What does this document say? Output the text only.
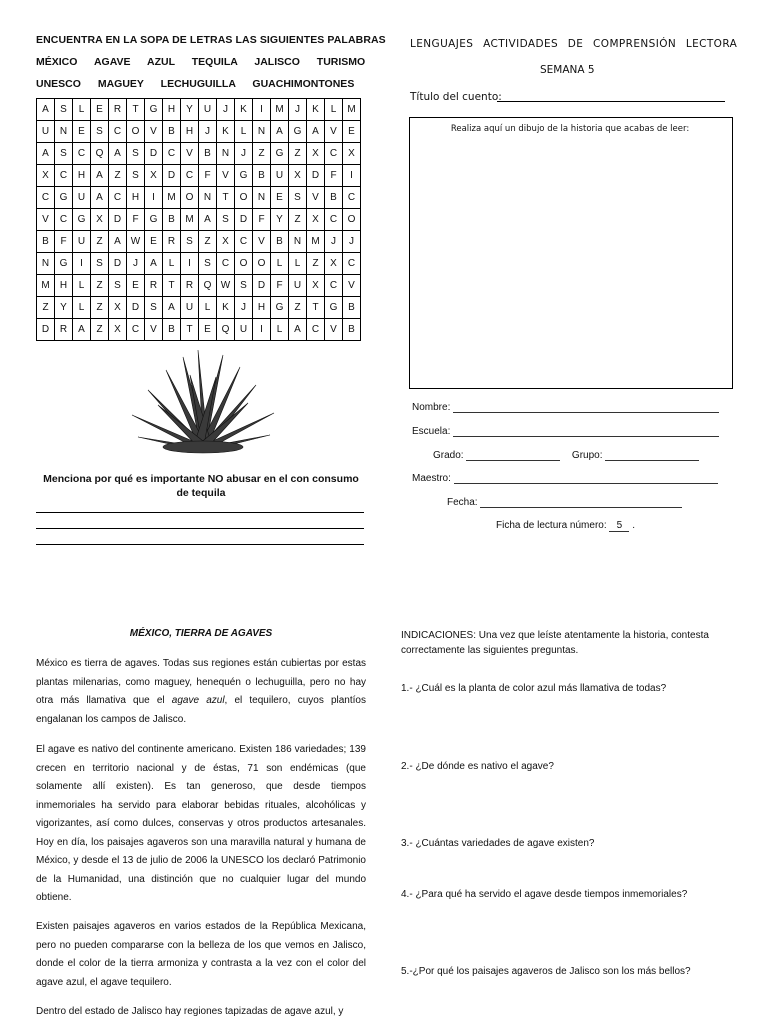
ENCUENTRA EN LA SOPA DE LETRAS LAS SIGUIENTES PALABRAS
MÉXICO AGAVE AZUL TEQUILA JALISCO TURISMO
UNESCO MAGUEY LECHUGUILLA GUACHIMONTONES
A	S	L	E	R	T	G	H	Y	U	J	K	I	M	J	K	L	M
U	N	E	S	C	O	V	B	H	J	K	L	N	A	G	A	V	E
A	S	C	Q	A	S	D	C	V	B	N	J	Z	G	Z	X	C	X
X	C	H	A	Z	S	X	D	C	F	V	G	B	U	X	D	F	I
C	G	U	A	C	H	I	M	O	N	T	O	N	E	S	V	B	C
V	C	G	X	D	F	G	B	M	A	S	D	F	Y	Z	X	C	O
B	F	U	Z	A	W	E	R	S	Z	X	C	V	B	N	M	J	J
N	G	I	S	D	J	A	L	I	S	C	O	O	L	L	Z	X	C
M	H	L	Z	S	E	R	T	R	Q	W	S	D	F	U	X	C	V
Z	Y	L	Z	X	D	S	A	U	L	K	J	H	G	Z	T	G	B
D	R	A	Z	X	C	V	B	T	E	Q	U	I	L	A	C	V	B
Menciona por qué es importante NO abusar en el con consumo de tequila
LENGUAJES ACTIVIDADES DE COMPRENSIÓN LECTORA
SEMANA 5
Título del cuento:
Realiza aquí un dibujo de la historia que acabas de leer:
Nombre:
Escuela:
Grado:	Grupo:
Maestro:
Fecha:
Ficha de lectura número: 5 .
MÉXICO, TIERRA DE AGAVES
México es tierra de agaves. Todas sus regiones están cubiertas por estas plantas milenarias, como maguey, henequén o lechuguilla, pero no hay otra más llamativa que el agave azul, el tequilero, cuyos plantíos engalanan los campos de Jalisco.
El agave es nativo del continente americano. Existen 186 variedades; 139 crecen en territorio nacional y de éstas, 71 son endémicas (que solamente allí existen). Es tan generoso, que desde tiempos inmemoriales ha servido para elaborar bebidas rituales, alcohólicas y vigorizantes, así como dulces, conservas y otros productos artesanales. Hoy en día, los paisajes agaveros son una maravilla natural y humana de México, y desde el 13 de julio de 2006 la UNESCO los declaró Patrimonio de la Humanidad, una distinción que no cualquier lugar del mundo obtiene.
Existen paisajes agaveros en varios estados de la República Mexicana, pero no pueden compararse con la belleza de los que vemos en Jalisco, donde el color de la tierra armoniza y contrasta a la vez con el color del agave azul, el agave tequilero.
Dentro del estado de Jalisco hay regiones tapizadas de agave azul, y
INDICACIONES: Una vez que leíste atentamente la historia, contesta correctamente las siguientes preguntas.
1.- ¿Cuál es la planta de color azul más llamativa de todas?
2.- ¿De dónde es nativo el agave?
3.- ¿Cuántas variedades de agave existen?
4.- ¿Para qué ha servido el agave desde tiempos inmemoriales?
5.-¿Por qué los paisajes agaveros de Jalisco son los más bellos?
